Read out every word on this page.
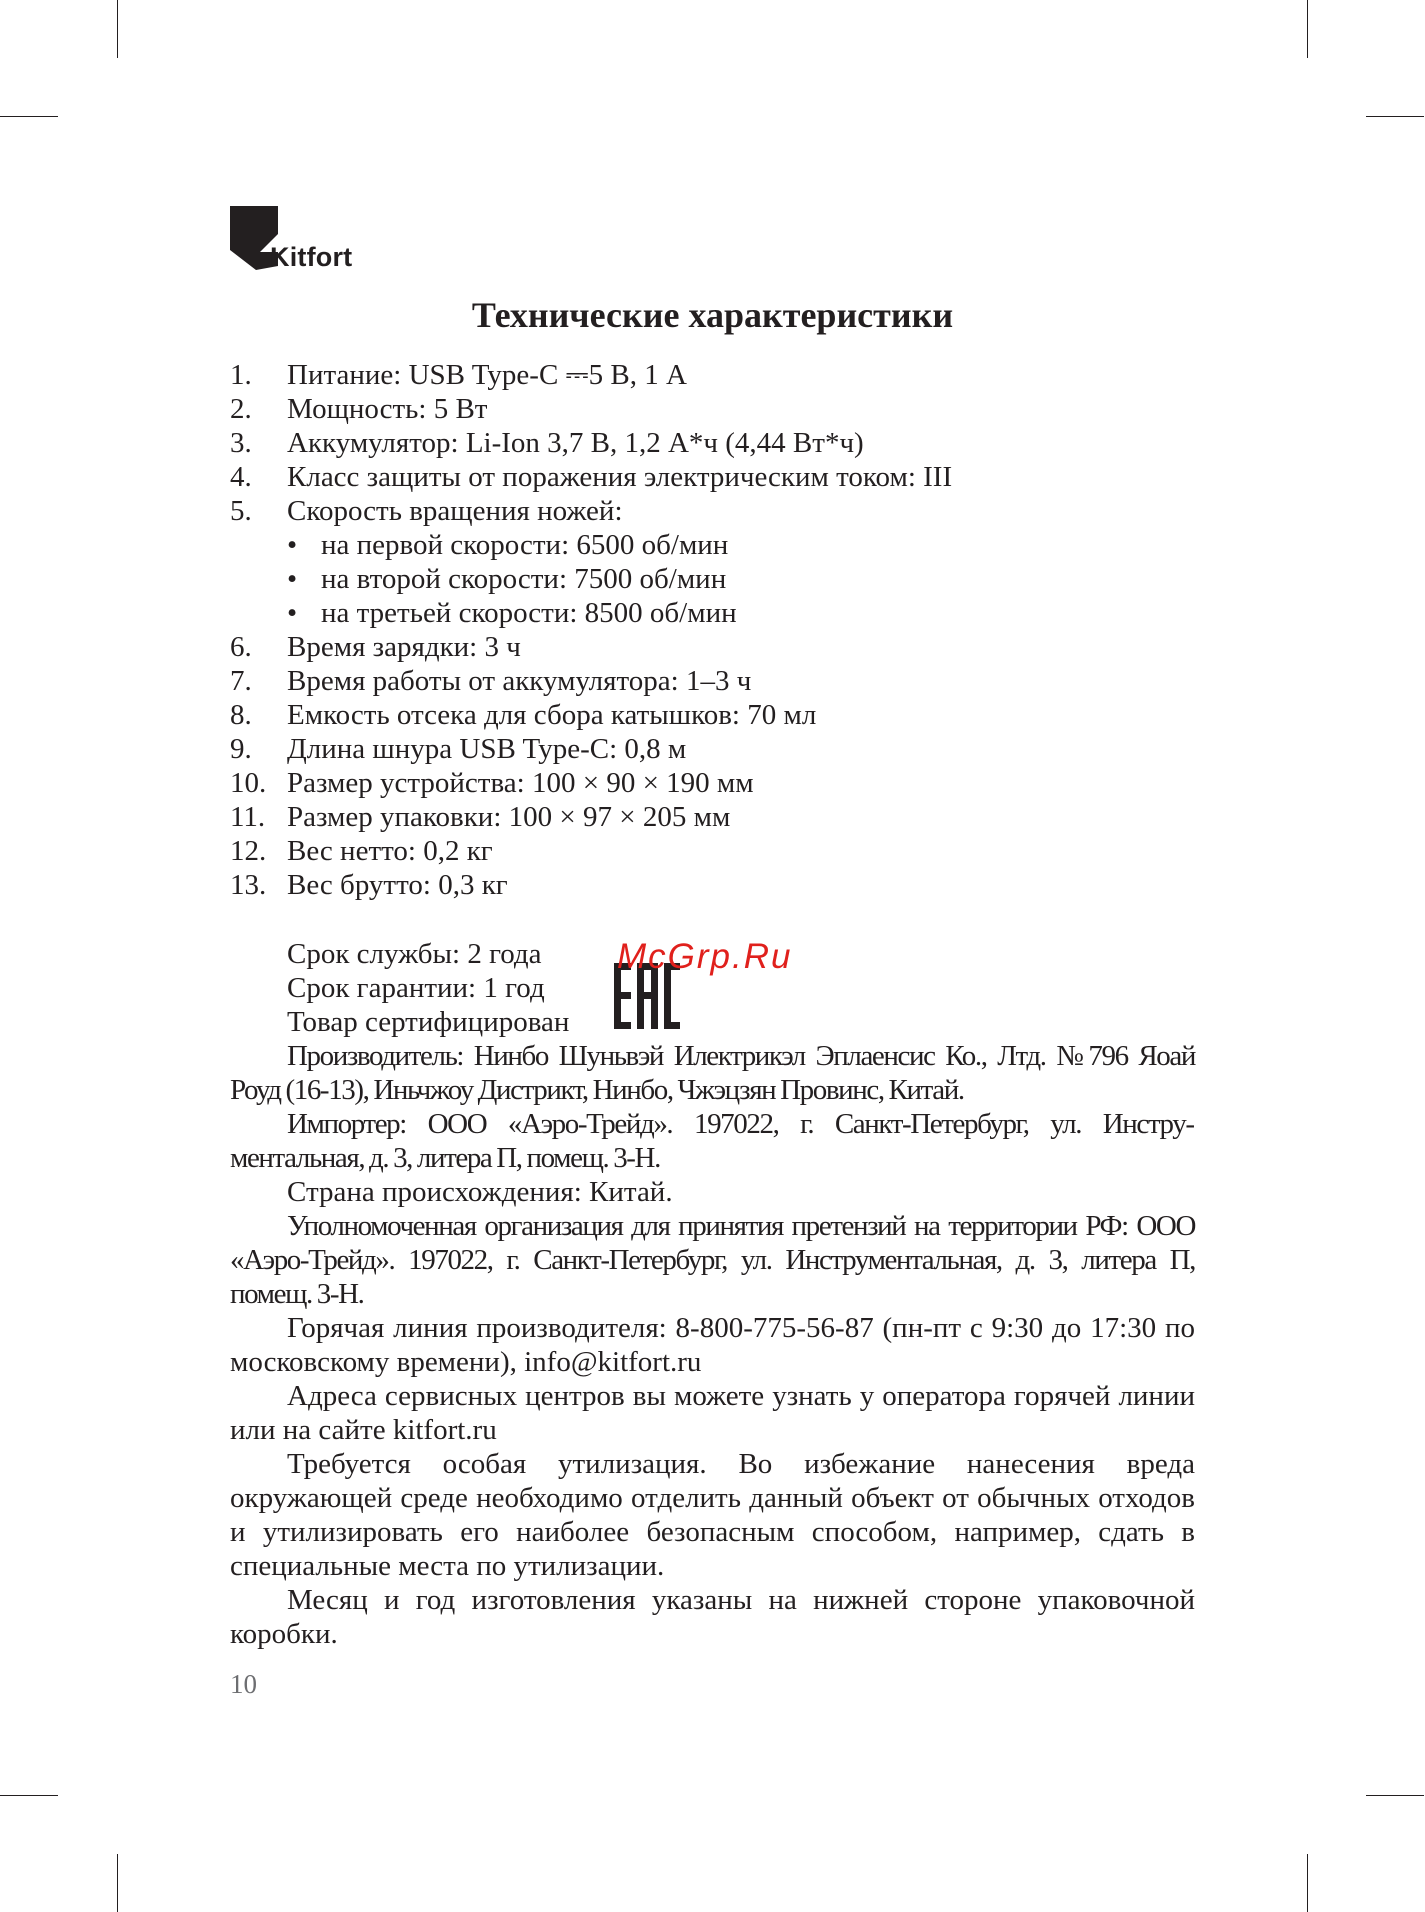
Kitfort
Технические характеристики
1. Питание: USB Type-C ⎓5 В, 1 А
2. Мощность: 5 Вт
3. Аккумулятор: Li-Ion 3,7 В, 1,2 А*ч (4,44 Вт*ч)
4. Класс защиты от поражения электрическим током: III
5. Скорость вращения ножей:
• на первой скорости: 6500 об/мин
• на второй скорости: 7500 об/мин
• на третьей скорости: 8500 об/мин
6. Время зарядки: 3 ч
7. Время работы от аккумулятора: 1–3 ч
8. Емкость отсека для сбора катышков: 70 мл
9. Длина шнура USB Type-C: 0,8 м
10. Размер устройства: 100 × 90 × 190 мм
11. Размер упаковки: 100 × 97 × 205 мм
12. Вес нетто: 0,2 кг
13. Вес брутто: 0,3 кг
Срок службы: 2 года
Срок гарантии: 1 год
Товар сертифицирован
McGrp.Ru

Производитель: Нинбо Шуньвэй Илектрикэл Эплаенсис Ко., Лтд. №796 Яоай Роуд (16-13), Иньчжоу Дистрикт, Нинбо, Чжэцзян Провинс, Китай.

Импортер: ООО «Аэро-Трейд». 197022, г. Санкт-Петербург, ул. Инструментальная, д. 3, литера П, помещ. 3-Н.

Страна происхождения: Китай.

Уполномоченная организация для принятия претензий на территории РФ: ООО «Аэро-Трейд». 197022, г. Санкт-Петербург, ул. Инструментальная, д. 3, литера П, помещ. 3-Н.

Горячая линия производителя: 8-800-775-56-87 (пн-пт с 9:30 до 17:30 по московскому времени), info@kitfort.ru

Адреса сервисных центров вы можете узнать у оператора горячей линии или на сайте kitfort.ru

Требуется особая утилизация. Во избежание нанесения вреда окружающей среде необходимо отделить данный объект от обычных отходов и утилизировать его наиболее безопасным способом, например, сдать в специальные места по утилизации.

Месяц и год изготовления указаны на нижней стороне упаковочной коробки.

10
